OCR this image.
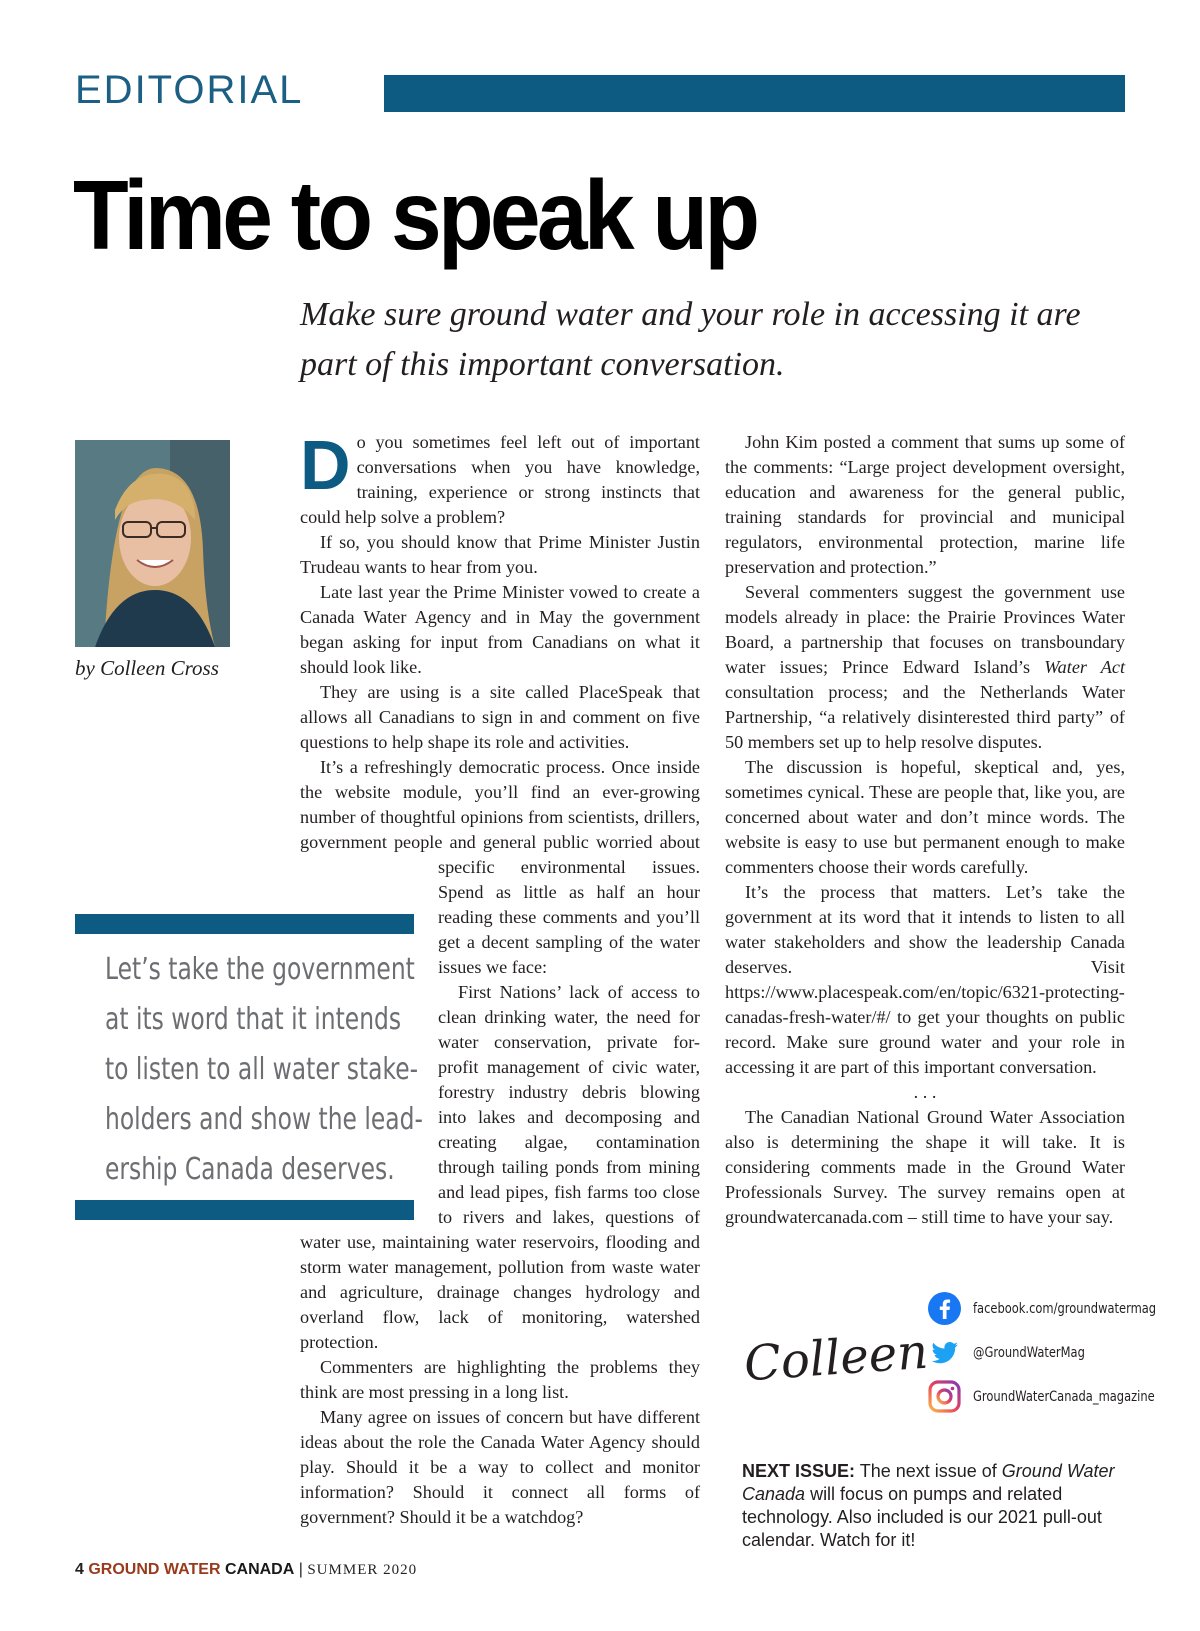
EDITORIAL
Time to speak up

Make sure ground water and your role in accessing it are part of this important conversation.

by Colleen Cross

Do you sometimes feel left out of important conversations when you have knowledge, training, experience or strong instincts that could help solve a problem?

If so, you should know that Prime Minister Justin Trudeau wants to hear from you.

Late last year the Prime Minister vowed to create a Canada Water Agency and in May the government began asking for input from Canadians on what it should look like.

They are using is a site called PlaceSpeak that allows all Canadians to sign in and comment on five questions to help shape its role and activities.

It’s a refreshingly democratic process. Once inside the website module, you’ll find an ever-growing number of thoughtful opinions from scientists, drillers, government people and general public worried about specific environmental issues. Spend as little as half an hour reading these comments and you’ll get a decent sampling of the water issues we face:

First Nations’ lack of access to clean drinking water, the need for water conservation, private for-profit management of civic water, forestry industry debris blowing into lakes and decomposing and creating algae, contamination through tailing ponds from mining and lead pipes, fish farms too close to rivers and lakes, questions of water use, maintaining water reservoirs, flooding and storm water management, pollution from waste water and agriculture, drainage changes hydrology and overland flow, lack of monitoring, watershed protection.

Commenters are highlighting the problems they think are most pressing in a long list.

Many agree on issues of concern but have different ideas about the role the Canada Water Agency should play. Should it be a way to collect and monitor information? Should it connect all forms of government? Should it be a watchdog?

John Kim posted a comment that sums up some of the comments: “Large project development oversight, education and awareness for the general public, training standards for provincial and municipal regulators, environmental protection, marine life preservation and protection.”

Several commenters suggest the government use models already in place: the Prairie Provinces Water Board, a partnership that focuses on transboundary water issues; Prince Edward Island’s Water Act consultation process; and the Netherlands Water Partnership, “a relatively disinterested third party” of 50 members set up to help resolve disputes.

The discussion is hopeful, skeptical and, yes, sometimes cynical. These are people that, like you, are concerned about water and don’t mince words. The website is easy to use but permanent enough to make commenters choose their words carefully.

It’s the process that matters. Let’s take the government at its word that it intends to listen to all water stakeholders and show the leadership Canada deserves. Visit https://www.placespeak.com/en/topic/6321-protecting-canadas-fresh-water/#/ to get your thoughts on public record. Make sure ground water and your role in accessing it are part of this important conversation.

. . .

The Canadian National Ground Water Association also is determining the shape it will take. It is considering comments made in the Ground Water Professionals Survey. The survey remains open at groundwatercanada.com – still time to have your say.

Let’s take the government at its word that it intends to listen to all water stake-holders and show the lead-ership Canada deserves.

Colleen
facebook.com/groundwatermag
@GroundWaterMag
GroundWaterCanada_magazine

NEXT ISSUE: The next issue of Ground Water Canada will focus on pumps and related technology. Also included is our 2021 pull-out calendar. Watch for it!

4 GROUND WATER CANADA | SUMMER 2020
